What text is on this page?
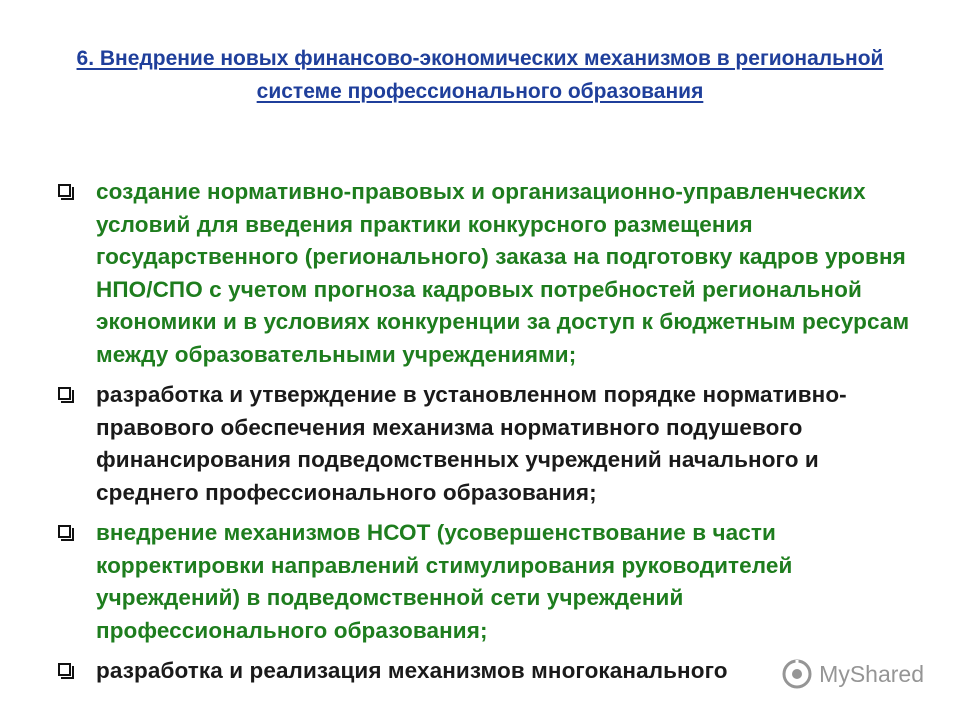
6. Внедрение новых финансово-экономических механизмов в региональной системе профессионального образования
создание нормативно-правовых и организационно-управленческих условий для введения практики конкурсного размещения государственного (регионального) заказа на подготовку кадров уровня НПО/СПО с учетом прогноза кадровых потребностей региональной экономики и в условиях конкуренции за доступ к бюджетным ресурсам между образовательными учреждениями;
разработка и утверждение в установленном порядке нормативно-правового обеспечения механизма нормативного подушевого финансирования подведомственных учреждений начального и среднего профессионального образования;
внедрение механизмов НСОТ (усовершенствование в части корректировки направлений стимулирования руководителей учреждений) в подведомственной сети учреждений профессионального образования;
разработка и реализация механизмов многоканального	MyShared
